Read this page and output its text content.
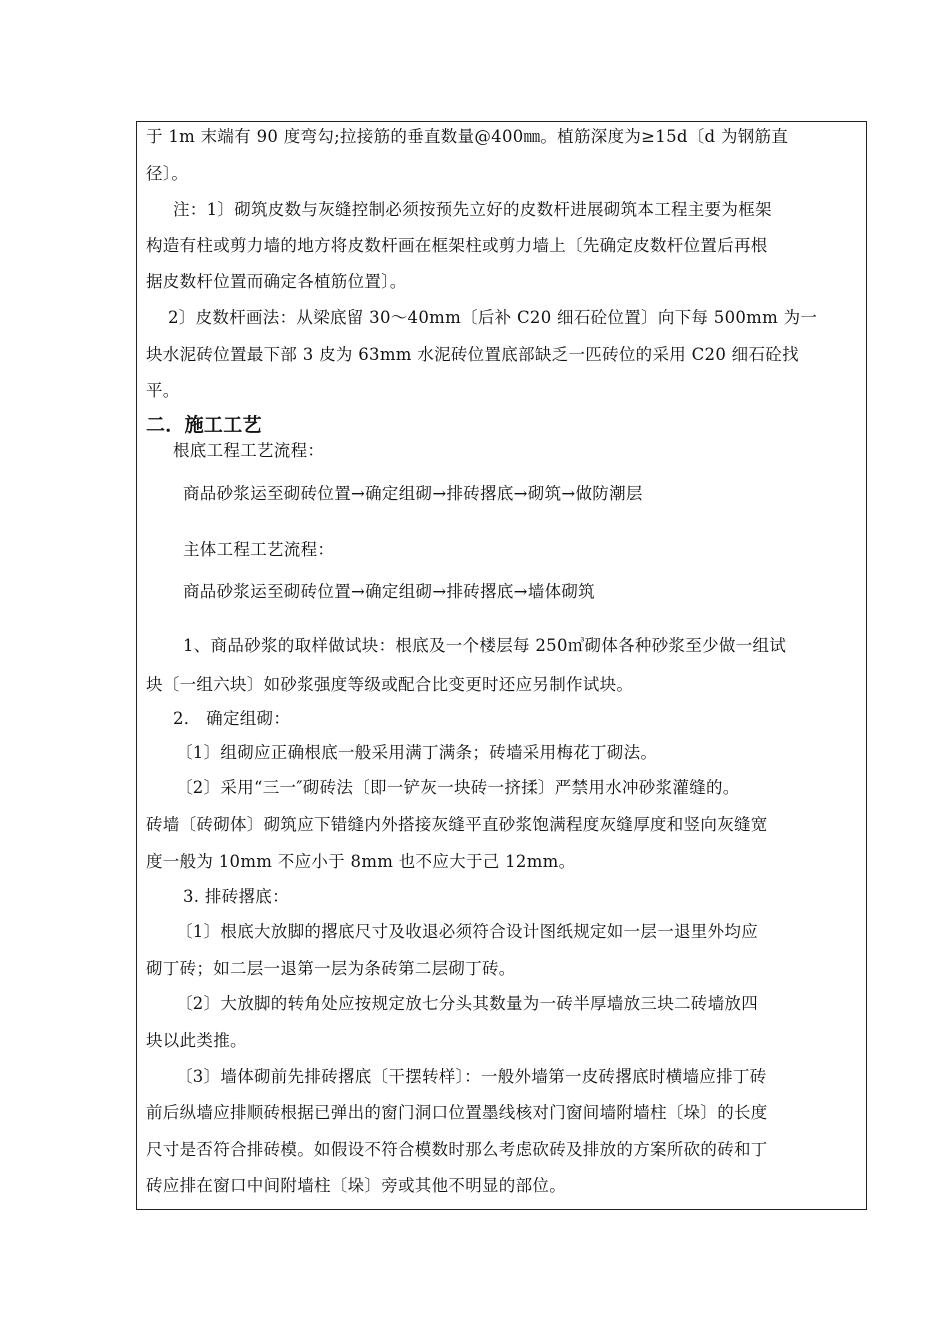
于 1m 末端有 90 度弯勾;拉接筋的垂直数量@400㎜。植筋深度为≥15d〔d 为钢筋直
径〕。
注：1〕砌筑皮数与灰缝控制必须按预先立好的皮数杆进展砌筑本工程主要为框架
构造有柱或剪力墙的地方将皮数杆画在框架柱或剪力墙上〔先确定皮数杆位置后再根
据皮数杆位置而确定各植筋位置〕。
2〕皮数杆画法：从梁底留 30～40mm〔后补 C20 细石砼位置〕向下每 500mm 为一
块水泥砖位置最下部 3 皮为 63mm 水泥砖位置底部缺乏一匹砖位的采用 C20 细石砼找
平。
二．施工工艺
根底工程工艺流程：
商品砂浆运至砌砖位置→确定组砌→排砖撂底→砌筑→做防潮层
主体工程工艺流程：
商品砂浆运至砌砖位置→确定组砌→排砖撂底→墙体砌筑
1、商品砂浆的取样做试块：根底及一个楼层每 250㎥砌体各种砂浆至少做一组试
块〔一组六块〕如砂浆强度等级或配合比变更时还应另制作试块。
2． 确定组砌：
〔1〕组砌应正确根底一般采用满丁满条；砖墙采用梅花丁砌法。
〔2〕采用“三一″砌砖法〔即一铲灰一块砖一挤揉〕严禁用水冲砂浆灌缝的。
砖墙〔砖砌体〕砌筑应下错缝内外搭接灰缝平直砂浆饱满程度灰缝厚度和竖向灰缝宽
度一般为 10mm 不应小于 8mm 也不应大于己 12mm。
3. 排砖撂底：
〔1〕根底大放脚的撂底尺寸及收退必须符合设计图纸规定如一层一退里外均应
砌丁砖；如二层一退第一层为条砖第二层砌丁砖。
〔2〕大放脚的转角处应按规定放七分头其数量为一砖半厚墙放三块二砖墙放四
块以此类推。
〔3〕墙体砌前先排砖撂底〔干摆转样〕：一般外墙第一皮砖撂底时横墙应排丁砖
前后纵墙应排顺砖根据已弹出的窗门洞口位置墨线核对门窗间墙附墙柱〔垛〕的长度
尺寸是否符合排砖模。如假设不符合模数时那么考虑砍砖及排放的方案所砍的砖和丁
砖应排在窗口中间附墙柱〔垛〕旁或其他不明显的部位。
